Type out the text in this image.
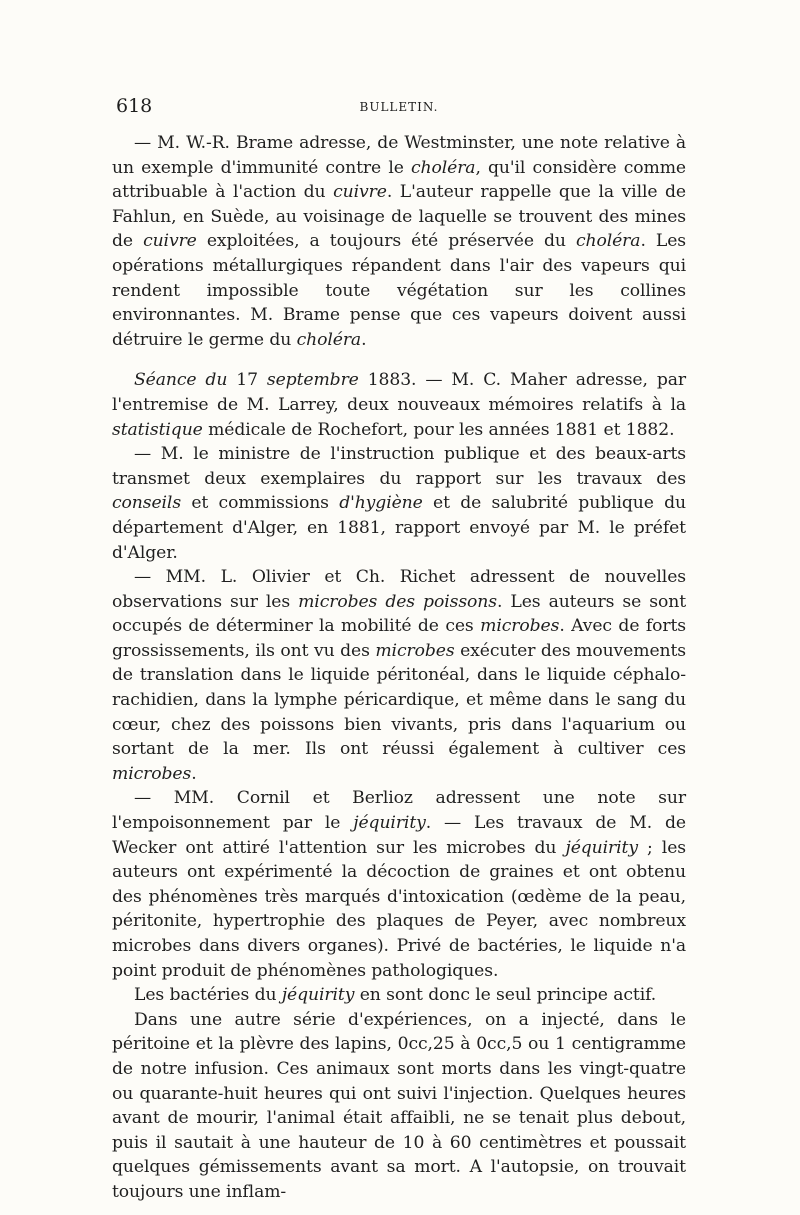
618	BULLETIN.

— M. W.-R. Brame adresse, de Westminster, une note relative à un exemple d'immunité contre le choléra, qu'il considère comme attribuable à l'action du cuivre. L'auteur rappelle que la ville de Fahlun, en Suède, au voisinage de laquelle se trouvent des mines de cuivre exploitées, a toujours été préservée du choléra. Les opérations métallurgiques répandent dans l'air des vapeurs qui rendent impossible toute végétation sur les collines environnantes. M. Brame pense que ces vapeurs doivent aussi détruire le germe du choléra.

Séance du 17 septembre 1883. — M. C. Maher adresse, par l'entremise de M. Larrey, deux nouveaux mémoires relatifs à la statistique médicale de Rochefort, pour les années 1881 et 1882.

— M. le ministre de l'instruction publique et des beaux-arts transmet deux exemplaires du rapport sur les travaux des conseils et commissions d'hygiène et de salubrité publique du département d'Alger, en 1881, rapport envoyé par M. le préfet d'Alger.

— MM. L. Olivier et Ch. Richet adressent de nouvelles observations sur les microbes des poissons. Les auteurs se sont occupés de déterminer la mobilité de ces microbes. Avec de forts grossissements, ils ont vu des microbes exécuter des mouvements de translation dans le liquide péritonéal, dans le liquide céphalo-rachidien, dans la lymphe péricardique, et même dans le sang du cœur, chez des poissons bien vivants, pris dans l'aquarium ou sortant de la mer. Ils ont réussi également à cultiver ces microbes.

— MM. Cornil et Berlioz adressent une note sur l'empoisonnement par le jéquirity. — Les travaux de M. de Wecker ont attiré l'attention sur les microbes du jéquirity ; les auteurs ont expérimenté la décoction de graines et ont obtenu des phénomènes très marqués d'intoxication (œdème de la peau, péritonite, hypertrophie des plaques de Peyer, avec nombreux microbes dans divers organes). Privé de bactéries, le liquide n'a point produit de phénomènes pathologiques.

Les bactéries du jéquirity en sont donc le seul principe actif.

Dans une autre série d'expériences, on a injecté, dans le péritoine et la plèvre des lapins, 0cc,25 à 0cc,5 ou 1 centigramme de notre infusion. Ces animaux sont morts dans les vingt-quatre ou quarante-huit heures qui ont suivi l'injection. Quelques heures avant de mourir, l'animal était affaibli, ne se tenait plus debout, puis il sautait à une hauteur de 10 à 60 centimètres et poussait quelques gémissements avant sa mort. A l'autopsie, on trouvait toujours une inflam-
